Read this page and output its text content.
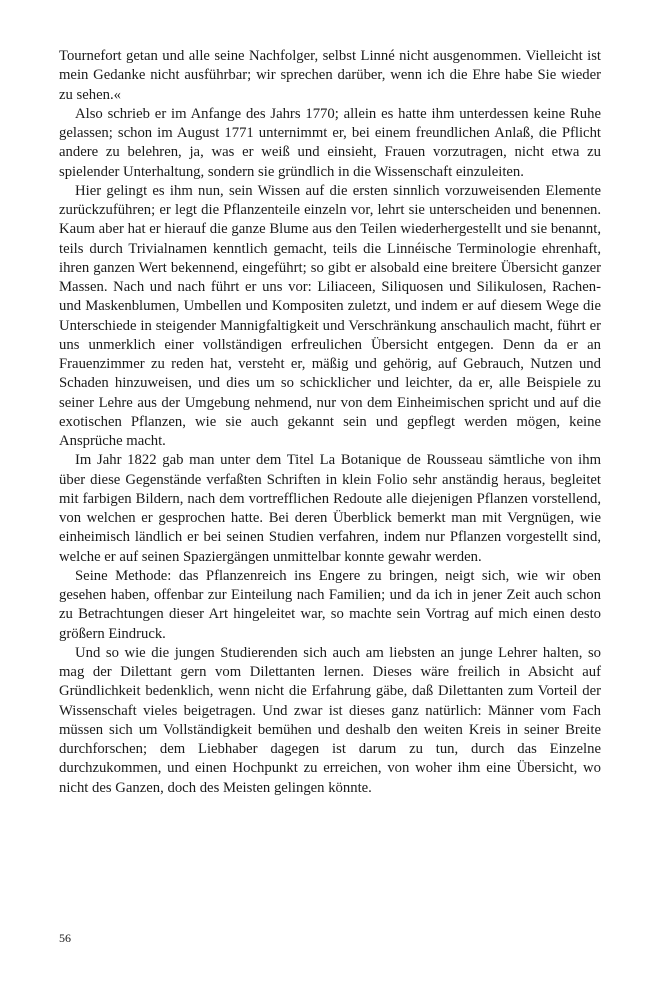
Tournefort getan und alle seine Nachfolger, selbst Linné nicht ausgenommen. Vielleicht ist mein Gedanke nicht ausführbar; wir sprechen darüber, wenn ich die Ehre habe Sie wieder zu sehen.«

Also schrieb er im Anfange des Jahrs 1770; allein es hatte ihm unterdessen keine Ruhe gelassen; schon im August 1771 unternimmt er, bei einem freundlichen Anlaß, die Pflicht andere zu belehren, ja, was er weiß und einsieht, Frauen vorzutragen, nicht etwa zu spielender Unterhaltung, sondern sie gründlich in die Wissenschaft einzuleiten.

Hier gelingt es ihm nun, sein Wissen auf die ersten sinnlich vorzuweisenden Elemente zurückzuführen; er legt die Pflanzenteile einzeln vor, lehrt sie unterscheiden und benennen. Kaum aber hat er hierauf die ganze Blume aus den Teilen wiederhergestellt und sie benannt, teils durch Trivialnamen kenntlich gemacht, teils die Linnéische Terminologie ehrenhaft, ihren ganzen Wert bekennend, eingeführt; so gibt er alsobald eine breitere Übersicht ganzer Massen. Nach und nach führt er uns vor: Liliaceen, Siliquosen und Silikulosen, Rachen- und Maskenblumen, Umbellen und Kompositen zuletzt, und indem er auf diesem Wege die Unterschiede in steigender Mannigfaltigkeit und Verschränkung anschaulich macht, führt er uns unmerklich einer vollständigen erfreulichen Übersicht entgegen. Denn da er an Frauenzimmer zu reden hat, versteht er, mäßig und gehörig, auf Gebrauch, Nutzen und Schaden hinzuweisen, und dies um so schicklicher und leichter, da er, alle Beispiele zu seiner Lehre aus der Umgebung nehmend, nur von dem Einheimischen spricht und auf die exotischen Pflanzen, wie sie auch gekannt sein und gepflegt werden mögen, keine Ansprüche macht.

Im Jahr 1822 gab man unter dem Titel La Botanique de Rousseau sämtliche von ihm über diese Gegenstände verfaßten Schriften in klein Folio sehr anständig heraus, begleitet mit farbigen Bildern, nach dem vortrefflichen Redoute alle diejenigen Pflanzen vorstellend, von welchen er gesprochen hatte. Bei deren Überblick bemerkt man mit Vergnügen, wie einheimisch ländlich er bei seinen Studien verfahren, indem nur Pflanzen vorgestellt sind, welche er auf seinen Spaziergängen unmittelbar konnte gewahr werden.

Seine Methode: das Pflanzenreich ins Engere zu bringen, neigt sich, wie wir oben gesehen haben, offenbar zur Einteilung nach Familien; und da ich in jener Zeit auch schon zu Betrachtungen dieser Art hingeleitet war, so machte sein Vortrag auf mich einen desto größern Eindruck.

Und so wie die jungen Studierenden sich auch am liebsten an junge Lehrer halten, so mag der Dilettant gern vom Dilettanten lernen. Dieses wäre freilich in Absicht auf Gründlichkeit bedenklich, wenn nicht die Erfahrung gäbe, daß Dilettanten zum Vorteil der Wissenschaft vieles beigetragen. Und zwar ist dieses ganz natürlich: Männer vom Fach müssen sich um Vollständigkeit bemühen und deshalb den weiten Kreis in seiner Breite durchforschen; dem Liebhaber dagegen ist darum zu tun, durch das Einzelne durchzukommen, und einen Hochpunkt zu erreichen, von woher ihm eine Übersicht, wo nicht des Ganzen, doch des Meisten gelingen könnte.

56
